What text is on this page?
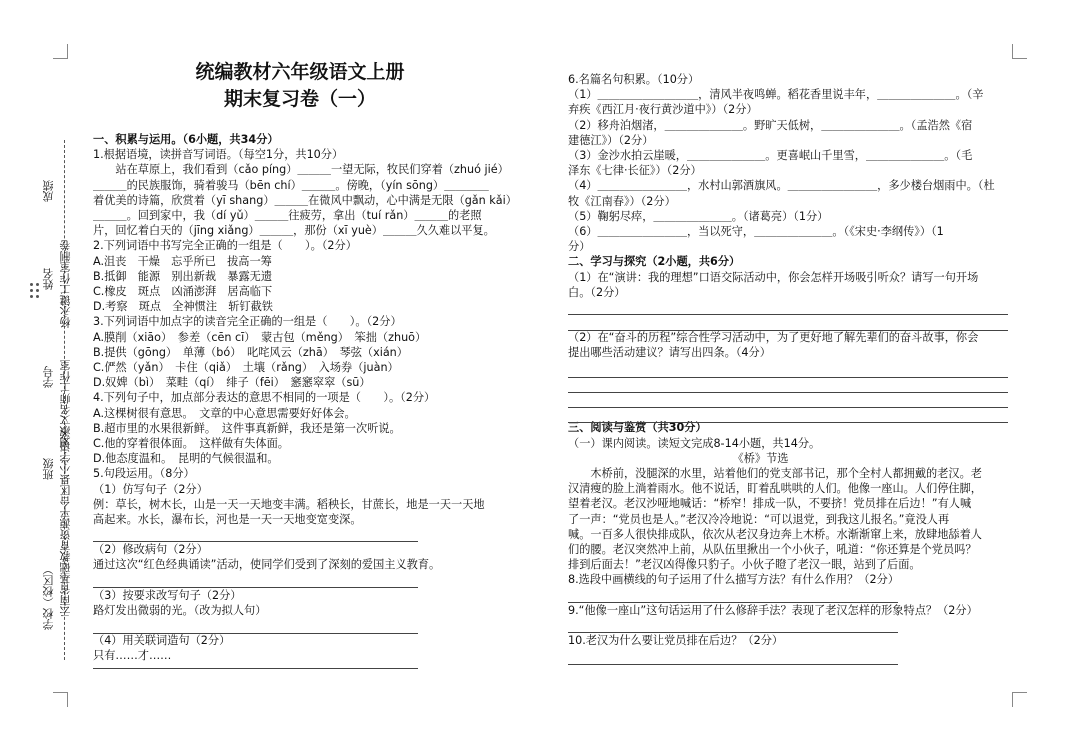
成绩
姓名 杨永键工作室制卷
学号 刘淑文名师工作室
班级
学校（校区） 云南省基础教育资源平台区县小学语文
统编教材六年级语文上册
期末复习卷（一）

一、积累与运用。（6小题，共34分）

1.根据语境，读拼音写词语。（每空1分，共10分）

　　站在草原上，我们看到（cǎo píng）＿＿＿一望无际，牧民们穿着（zhuó jié）

＿＿＿的民族服饰，骑着骏马（bēn chí）＿＿＿。傍晚，（yín sōng）＿＿＿＿

着优美的诗篇，欣赏着（yī shang）＿＿＿在微风中飘动，心中满是无限（gǎn kǎi）

＿＿＿。回到家中，我（dí yǔ）＿＿＿往疲劳，拿出（tuí rǎn）＿＿＿的老照

片，回忆着白天的（jīng xiǎng）＿＿＿，那份（xī yuè）＿＿＿久久难以平复。

2.下列词语中书写完全正确的一组是（　　）。（2分）

A.沮丧　干燥　忘乎所已　拔高一筹

B.抵御　能源　别出新裁　暴露无遗

C.橡皮　斑点　凶涌澎湃　居高临下

D.考察　斑点　全神惯注　斩钉截铁

3.下列词语中加点字的读音完全正确的一组是（　　）。（2分）

A.膜削（xiāo）　参差（cēn cī）　蒙古包（měng）　笨拙（zhuō）

B.提供（gōng）　单薄（bó）　叱咤风云（zhā）　琴弦（xián）

C.俨然（yǎn）　卡住（qiǎ）　土壤（rǎng）　入场券（juàn）

D.奴婢（bì）　菜畦（qí）　绯子（fēi）　窸窸窣窣（sū）

4.下列句子中，加点部分表达的意思不相同的一项是（　　）。（2分）

A.这棵树很有意思。　文章的中心意思需要好好体会。

B.超市里的水果很新鲜。　这件事真新鲜，我还是第一次听说。

C.他的穿着很体面。　这样做有失体面。

D.他态度温和。　昆明的气候很温和。

5.句段运用。（8分）

（1）仿写句子（2分）

例：草长，树木长，山是一天一天地变丰满。稻秧长，甘蔗长，地是一天一天地

高起来。水长，瀑布长，河也是一天一天地变宽变深。

（2）修改病句（2分）

通过这次“红色经典诵读”活动，使同学们受到了深刻的爱国主义教育。

（3）按要求改写句子（2分）

路灯发出微弱的光。（改为拟人句）

（4）用关联词造句（2分）

只有……才……

6.名篇名句积累。（10分）

（1）＿＿＿＿＿＿＿＿＿，清风半夜鸣蝉。稻花香里说丰年，＿＿＿＿＿＿＿。（辛

弃疾《西江月·夜行黄沙道中》）（2分）

（2）移舟泊烟渚，＿＿＿＿＿＿＿。野旷天低树，＿＿＿＿＿＿＿。（孟浩然《宿

建德江》）（2分）

（3）金沙水拍云崖暖，＿＿＿＿＿＿＿。更喜岷山千里雪，＿＿＿＿＿＿＿。（毛

泽东《七律·长征》）（2分）

（4）＿＿＿＿＿＿＿＿，水村山郭酒旗风。＿＿＿＿＿＿＿＿，多少楼台烟雨中。（杜

牧《江南春》）（2分）

（5）鞠躬尽瘁，＿＿＿＿＿＿＿。（诸葛亮）（1分）

（6）＿＿＿＿＿＿＿＿，当以死守，＿＿＿＿＿＿＿。（《宋史·李纲传》）（1

分）

二、学习与探究（2小题，共6分）

（1）在“演讲：我的理想”口语交际活动中，你会怎样开场吸引听众？请写一句开场

白。（2分）

（2）在“奋斗的历程”综合性学习活动中，为了更好地了解先辈们的奋斗故事，你会

提出哪些活动建议？请写出四条。（4分）

三、阅读与鉴赏（共30分）

（一）课内阅读。读短文完成8-14小题，共14分。

《桥》节选

　　木桥前，没腿深的水里，站着他们的党支部书记，那个全村人都拥戴的老汉。老

汉清瘦的脸上淌着雨水。他不说话，盯着乱哄哄的人们。他像一座山。人们停住脚，

望着老汉。老汉沙哑地喊话：“桥窄！排成一队，不要挤！党员排在后边！”有人喊

了一声：“党员也是人。”老汉冷冷地说：“可以退党，到我这儿报名。”竟没人再

喊。一百多人很快排成队，依次从老汉身边奔上木桥。水渐渐窜上来，放肆地舔着人

们的腰。老汉突然冲上前，从队伍里揪出一个小伙子，吼道：“你还算是个党员吗？

排到后面去！”老汉凶得像只豹子。小伙子瞪了老汉一眼，站到了后面。

8.选段中画横线的句子运用了什么描写方法？有什么作用？（2分）

9.“他像一座山”这句话运用了什么修辞手法？表现了老汉怎样的形象特点？（2分）

10.老汉为什么要让党员排在后边？（2分）
